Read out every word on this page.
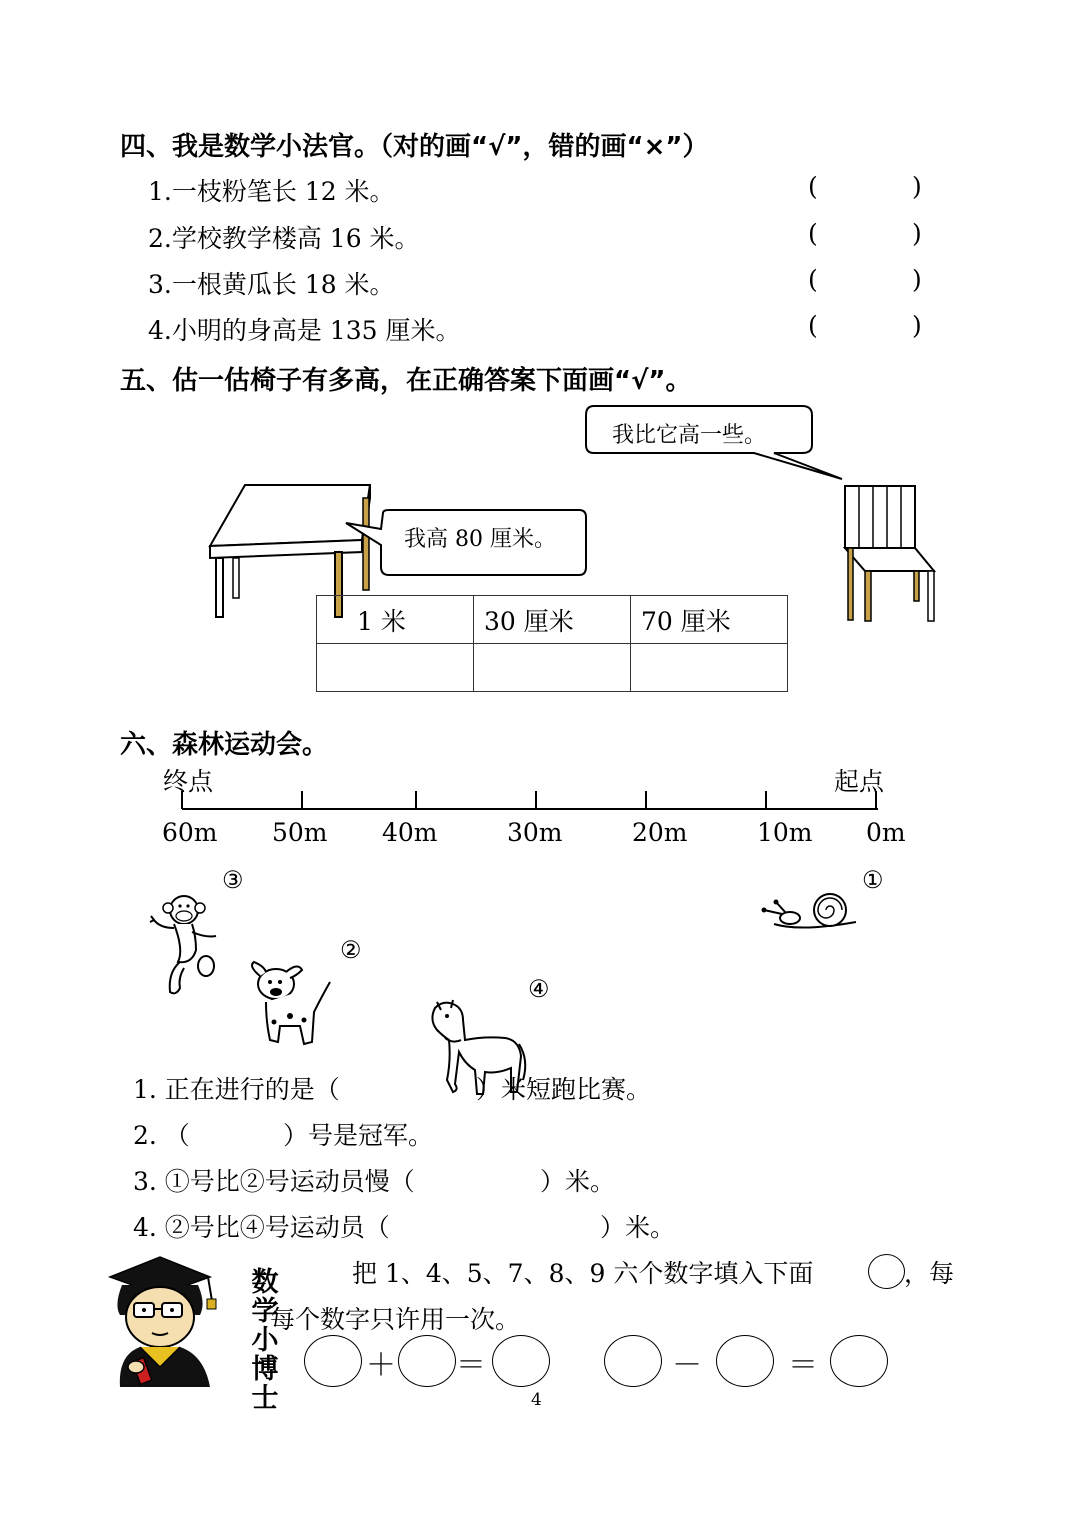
四、我是数学小法官。（对的画“√”，错的画“×”）
1.一枝粉笔长 12 米。	(	)
2.学校教学楼高 16 米。	(	)
3.一根黄瓜长 18 米。	(	)
4.小明的身高是 135 厘米。	(	)
五、估一估椅子有多高，在正确答案下面画“√”。
我高 80 厘米。
我比它高一些。
1 米	30 厘米	70 厘米

六、森林运动会。
终点	起点
60m 50m 40m	30m	20m	10m 0m
③
②
④
①
1. 正在进行的是（	）米短跑比赛。
2. （	）号是冠军。
3. ①号比②号运动员慢（	）米。
4. ②号比④号运动员（	）米。
数
学
小
博
士
把 1、4、5、7、8、9 六个数字填入下面	，每
每个数字只许用一次。
＋ ＝	－	＝
4
